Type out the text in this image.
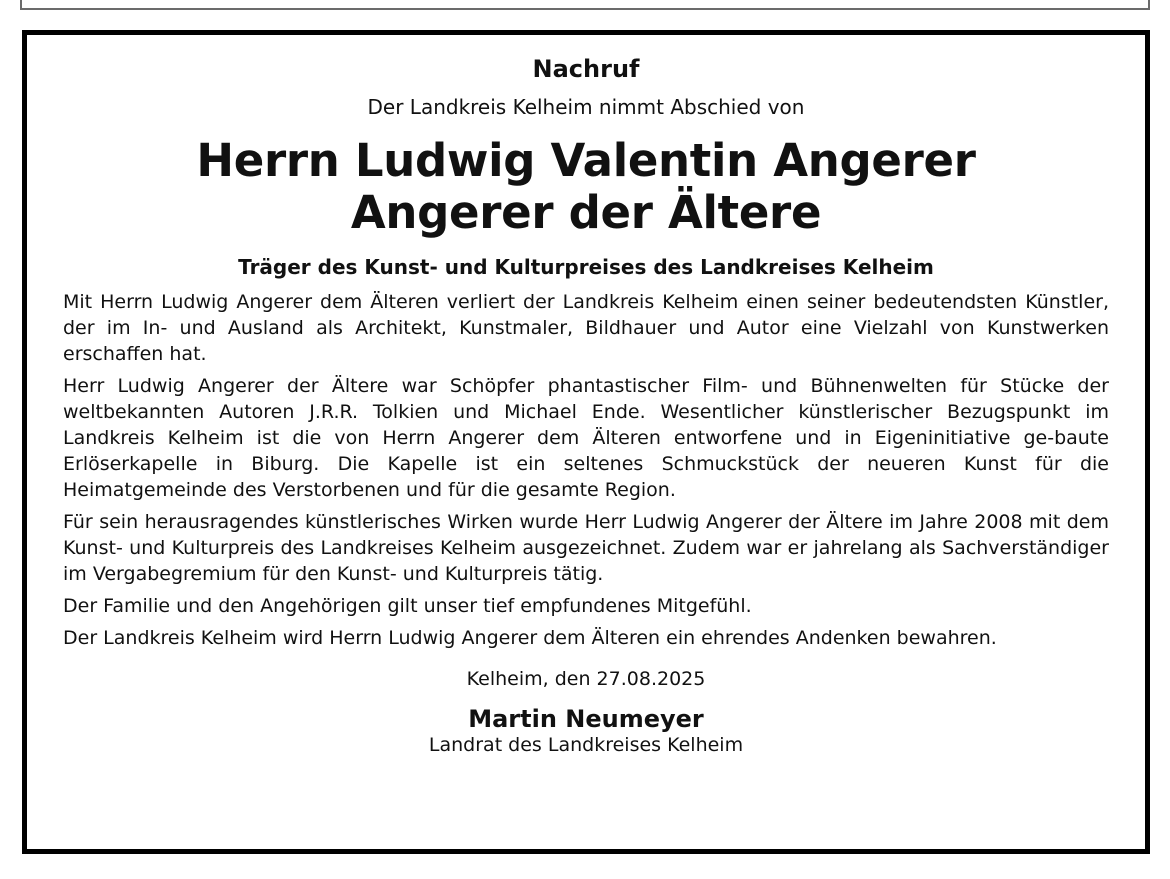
Nachruf

Der Landkreis Kelheim nimmt Abschied von

Herrn Ludwig Valentin Angerer

Angerer der Ältere

Träger des Kunst- und Kulturpreises des Landkreises Kelheim

Mit Herrn Ludwig Angerer dem Älteren verliert der Landkreis Kelheim einen seiner bedeutendsten Künstler, der im In- und Ausland als Architekt, Kunstmaler, Bildhauer und Autor eine Vielzahl von Kunstwerken erschaffen hat.

Herr Ludwig Angerer der Ältere war Schöpfer phantastischer Film- und Bühnenwelten für Stücke der weltbekannten Autoren J.R.R. Tolkien und Michael Ende. Wesentlicher künstlerischer Bezugspunkt im Landkreis Kelheim ist die von Herrn Angerer dem Älteren entworfene und in Eigeninitiative ge-baute Erlöserkapelle in Biburg. Die Kapelle ist ein seltenes Schmuckstück der neueren Kunst für die Heimatgemeinde des Verstorbenen und für die gesamte Region.

Für sein herausragendes künstlerisches Wirken wurde Herr Ludwig Angerer der Ältere im Jahre 2008 mit dem Kunst- und Kulturpreis des Landkreises Kelheim ausgezeichnet. Zudem war er jahrelang als Sachverständiger im Vergabegremium für den Kunst- und Kulturpreis tätig.

Der Familie und den Angehörigen gilt unser tief empfundenes Mitgefühl.

Der Landkreis Kelheim wird Herrn Ludwig Angerer dem Älteren ein ehrendes Andenken bewahren.

Kelheim, den 27.08.2025

Martin Neumeyer

Landrat des Landkreises Kelheim
